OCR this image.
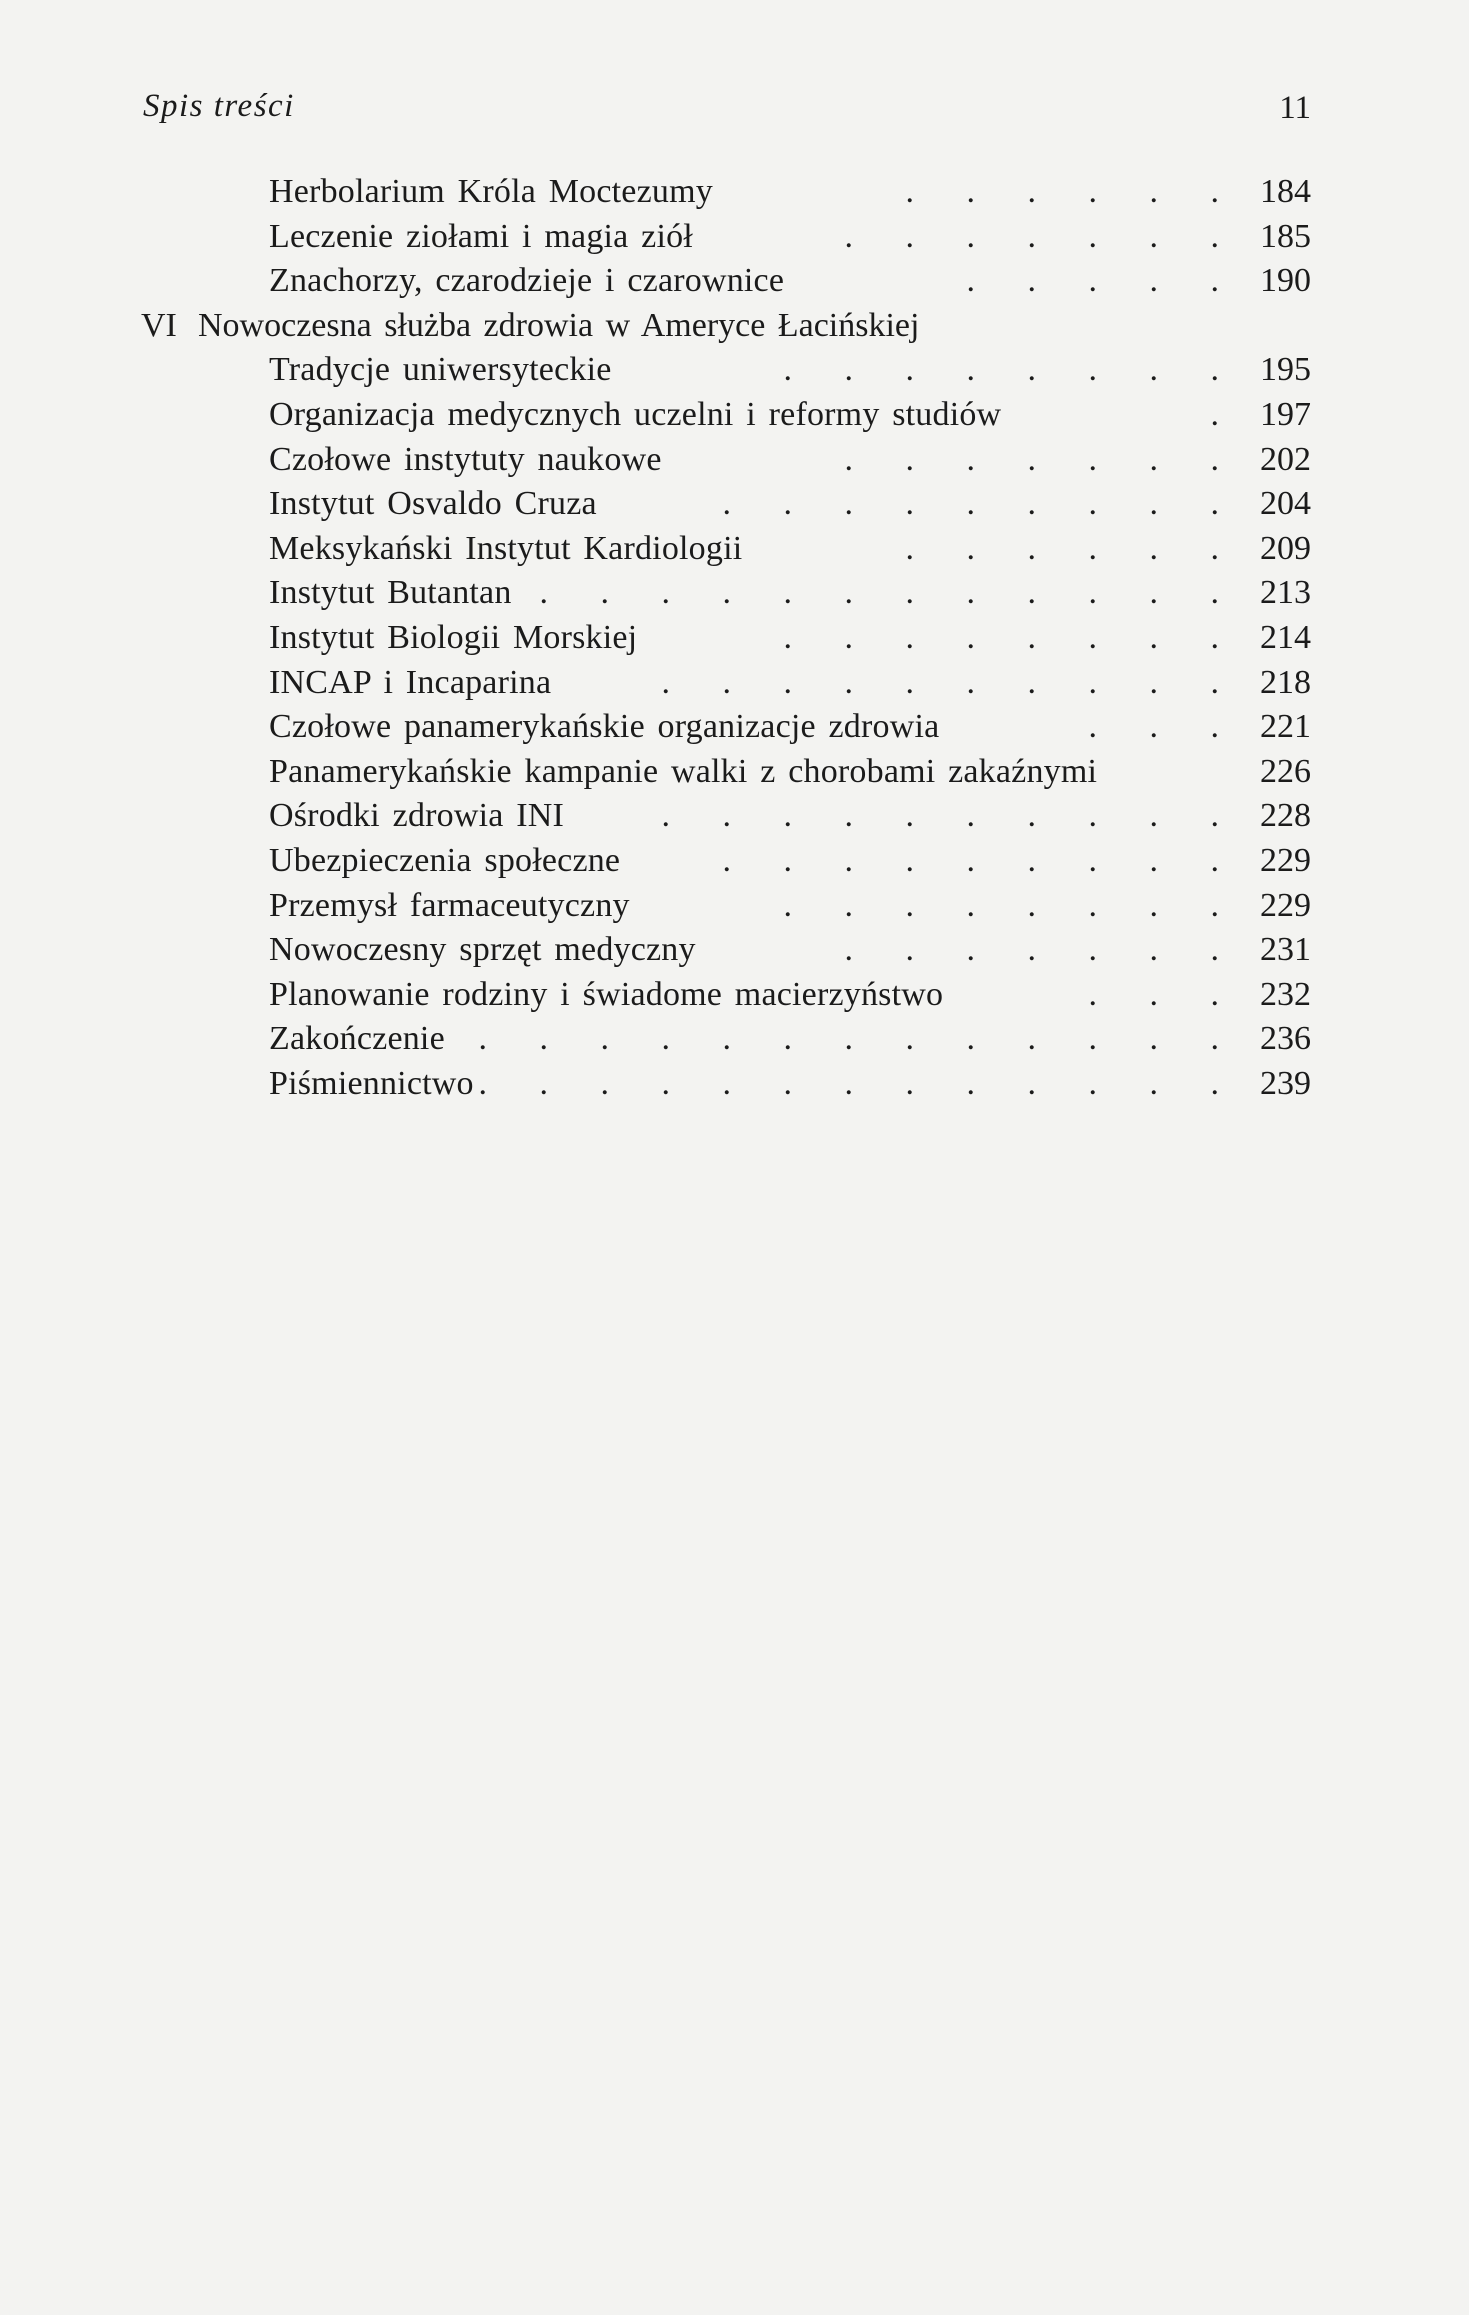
Spis treści	11
Herbolarium Króla Moctezumy	. . . . . . 184
Leczenie ziołami i magia ziół	. . . . . . . 185
Znachorzy, czarodzieje i czarownice	. . . . . 190
VI Nowoczesna służba zdrowia w Ameryce Łacińskiej
Tradycje uniwersyteckie	. . . . . . . . 195
Organizacja medycznych uczelni i reformy studiów	. 197
Czołowe instytuty naukowe	. . . . . . . 202
Instytut Osvaldo Cruza	. . . . . . . . . 204
Meksykański Instytut Kardiologii	. . . . . . 209
Instytut Butantan . . . . . . . . . . . . 213
Instytut Biologii Morskiej	. . . . . . . . 214
INCAP i Incaparina	. . . . . . . . . . 218
Czołowe panamerykańskie organizacje zdrowia	. . . 221
Panamerykańskie kampanie walki z chorobami zakaźnymi	226
Ośrodki zdrowia INI	. . . . . . . . . . 228
Ubezpieczenia społeczne	. . . . . . . . . 229
Przemysł farmaceutyczny	. . . . . . . . 229
Nowoczesny sprzęt medyczny	. . . . . . . 231
Planowanie rodziny i świadome macierzyństwo	. . . 232
Zakończenie . . . . . . . . . . . . . 236
Piśmiennictwo . . . . . . . . . . . . . 239
